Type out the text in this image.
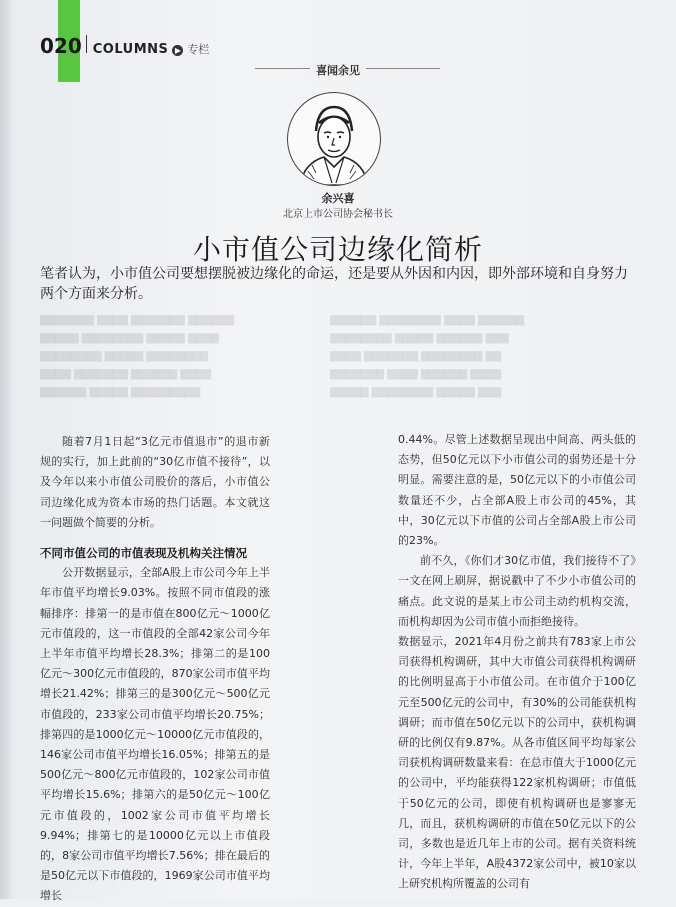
020 COLUMNS ▶ 专栏
喜闻余见
余兴喜
北京上市公司协会秘书长
小市值公司边缘化简析
笔者认为，小市值公司要想摆脱被边缘化的命运，还是要从外因和内因，即外部环境和自身努力两个方面来分析。
▇▇▇▇▇▇▇ ▇▇▇▇ ▇▇▇▇▇▇▇ ▇▇▇▇▇▇
▇▇▇▇▇ ▇▇▇▇▇▇▇▇ ▇▇▇▇▇ ▇▇▇▇
▇▇▇▇▇▇▇▇ ▇▇▇▇▇ ▇▇▇▇▇▇▇▇
▇▇▇▇ ▇▇▇▇▇▇▇ ▇▇▇▇▇▇ ▇▇▇▇
▇▇▇▇▇▇ ▇▇▇▇▇ ▇▇▇▇▇▇▇▇▇
▇▇▇▇▇▇ ▇▇▇▇▇▇▇▇ ▇▇▇▇ ▇▇▇▇▇▇
▇▇▇▇▇▇▇▇ ▇▇▇▇▇ ▇▇▇▇▇▇ ▇▇▇
▇▇▇▇ ▇▇▇▇▇▇▇ ▇▇▇▇▇▇▇▇ ▇▇
▇▇▇▇▇▇▇ ▇▇▇▇ ▇▇▇▇▇▇ ▇▇▇▇
▇▇▇▇▇ ▇▇▇▇▇▇▇▇ ▇▇▇▇▇ ▇▇▇

随着7月1日起“3亿元市值退市”的退市新规的实行，加上此前的“30亿市值不接待”，以及今年以来小市值公司股价的落后，小市值公司边缘化成为资本市场的热门话题。本文就这一问题做个简要的分析。

不同市值公司的市值表现及机构关注情况

公开数据显示，全部A股上市公司今年上半年市值平均增长9.03%。按照不同市值段的涨幅排序：排第一的是市值在800亿元～1000亿元市值段的，这一市值段的全部42家公司今年上半年市值平均增长28.3%；排第二的是100亿元～300亿元市值段的，870家公司市值平均增长21.42%；排第三的是300亿元～500亿元市值段的，233家公司市值平均增长20.75%；排第四的是1000亿元～10000亿元市值段的，146家公司市值平均增长16.05%；排第五的是500亿元～800亿元市值段的，102家公司市值平均增长15.6%；排第六的是50亿元～100亿元市值段的，1002家公司市值平均增长9.94%；排第七的是10000亿元以上市值段的，8家公司市值平均增长7.56%；排在最后的是50亿元以下市值段的，1969家公司市值平均增长

0.44%。尽管上述数据呈现出中间高、两头低的态势，但50亿元以下小市值公司的弱势还是十分明显。需要注意的是，50亿元以下的小市值公司数量还不少，占全部A股上市公司的45%，其中，30亿元以下市值的公司占全部A股上市公司的23%。

前不久，《你们才30亿市值，我们接待不了》一文在网上刷屏，据说戳中了不少小市值公司的痛点。此文说的是某上市公司主动约机构交流，而机构却因为公司市值小而拒绝接待。

数据显示，2021年4月份之前共有783家上市公司获得机构调研，其中大市值公司获得机构调研的比例明显高于小市值公司。在市值介于100亿元至500亿元的公司中，有30%的公司能获机构调研；而市值在50亿元以下的公司中，获机构调研的比例仅有9.87%。从各市值区间平均每家公司获机构调研数量来看：在总市值大于1000亿元的公司中，平均能获得122家机构调研；市值低于50亿元的公司，即使有机构调研也是寥寥无几，而且，获机构调研的市值在50亿元以下的公司，多数也是近几年上市的公司。据有关资料统计，今年上半年，A股4372家公司中，被10家以上研究机构所覆盖的公司有
